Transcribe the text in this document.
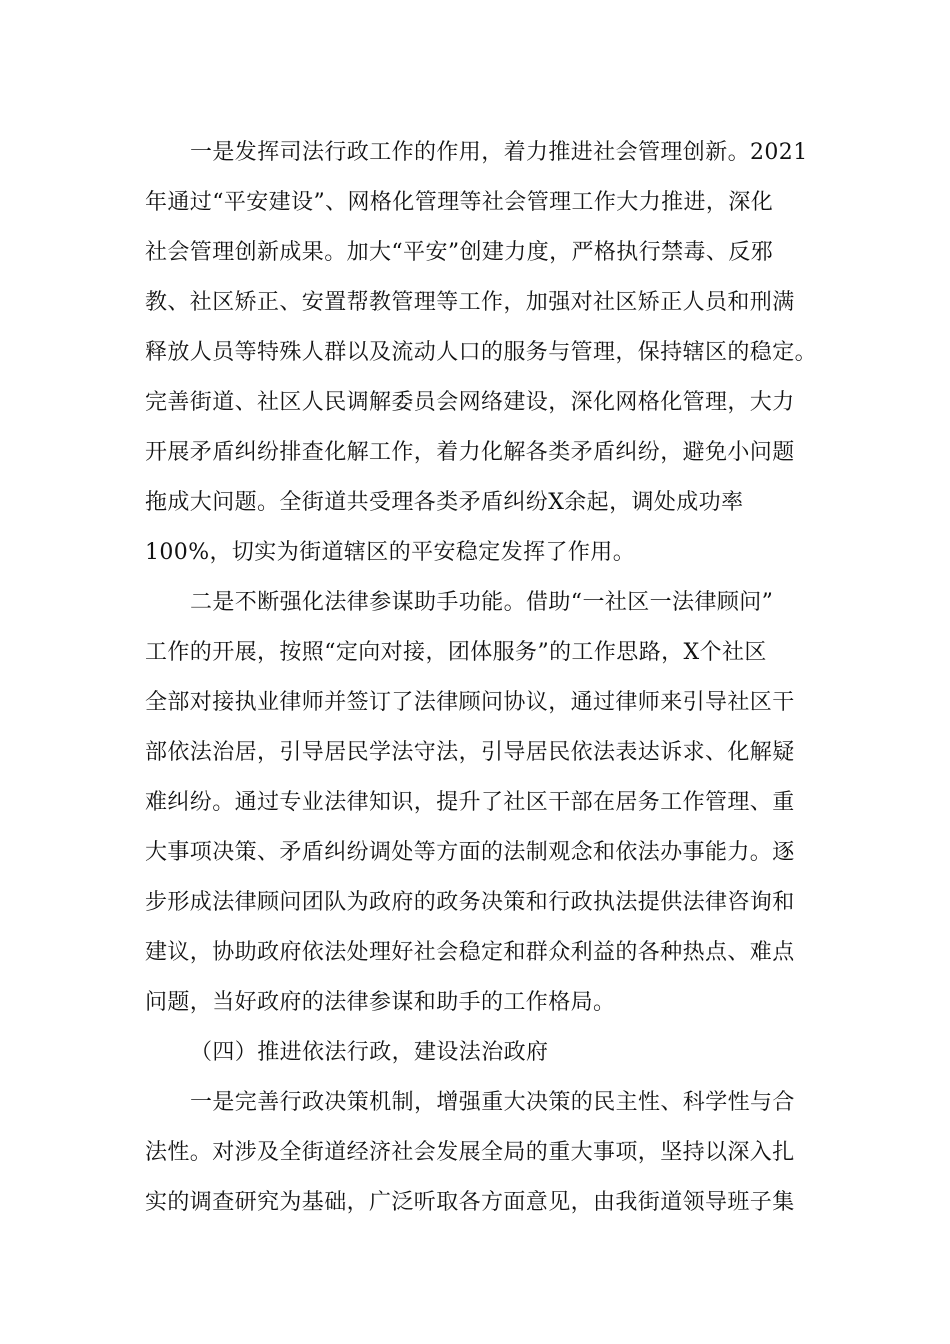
一是发挥司法行政工作的作用，着力推进社会管理创新。2021
年通过“平安建设”、网格化管理等社会管理工作大力推进，深化
社会管理创新成果。加大“平安”创建力度，严格执行禁毒、反邪
教、社区矫正、安置帮教管理等工作，加强对社区矫正人员和刑满
释放人员等特殊人群以及流动人口的服务与管理，保持辖区的稳定。
完善街道、社区人民调解委员会网络建设，深化网格化管理，大力
开展矛盾纠纷排查化解工作，着力化解各类矛盾纠纷，避免小问题
拖成大问题。全街道共受理各类矛盾纠纷X余起，调处成功率
100%，切实为街道辖区的平安稳定发挥了作用。
二是不断强化法律参谋助手功能。借助“一社区一法律顾问”
工作的开展，按照“定向对接，团体服务”的工作思路，X个社区
全部对接执业律师并签订了法律顾问协议，通过律师来引导社区干
部依法治居，引导居民学法守法，引导居民依法表达诉求、化解疑
难纠纷。通过专业法律知识，提升了社区干部在居务工作管理、重
大事项决策、矛盾纠纷调处等方面的法制观念和依法办事能力。逐
步形成法律顾问团队为政府的政务决策和行政执法提供法律咨询和
建议，协助政府依法处理好社会稳定和群众利益的各种热点、难点
问题，当好政府的法律参谋和助手的工作格局。
（四）推进依法行政，建设法治政府
一是完善行政决策机制，增强重大决策的民主性、科学性与合
法性。对涉及全街道经济社会发展全局的重大事项，坚持以深入扎
实的调查研究为基础，广泛听取各方面意见，由我街道领导班子集
